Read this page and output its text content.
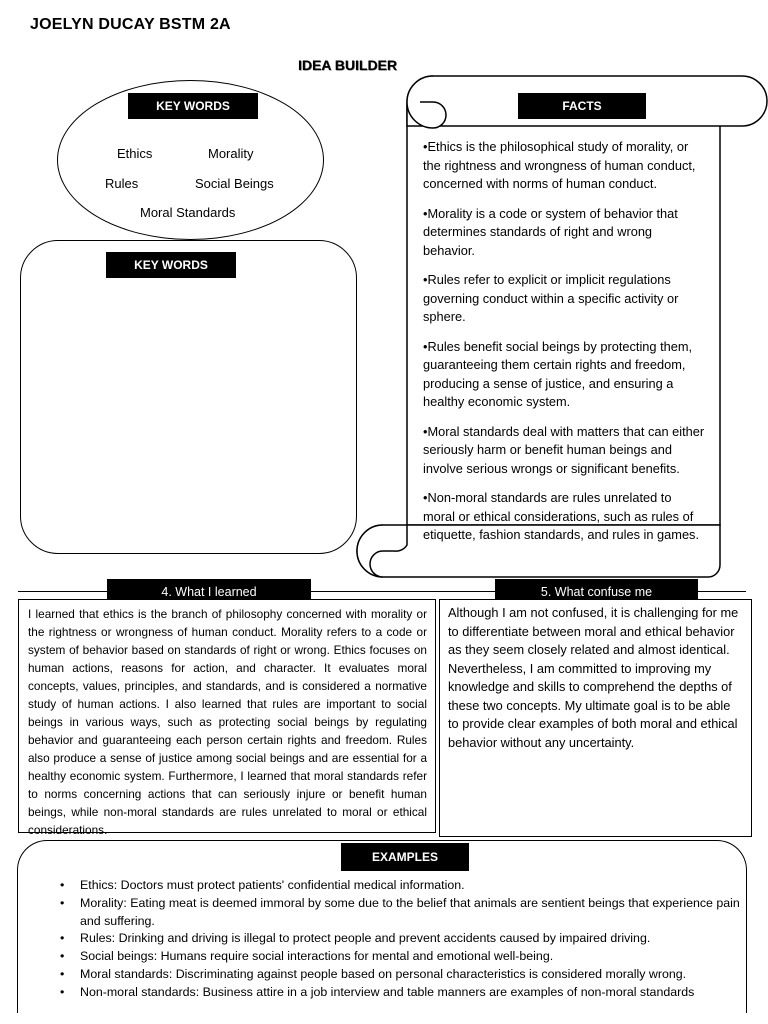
JOELYN DUCAY BSTM 2A
IDEA BUILDER
KEY WORDS
Ethics	Morality
Rules	Social Beings
Moral Standards
KEY WORDS
FACTS

•Ethics is the philosophical study of morality, or the rightness and wrongness of human conduct, concerned with norms of human conduct.

•Morality is a code or system of behavior that determines standards of right and wrong behavior.

•Rules refer to explicit or implicit regulations governing conduct within a specific activity or sphere.

•Rules benefit social beings by protecting them, guaranteeing them certain rights and freedom, producing a sense of justice, and ensuring a healthy economic system.

•Moral standards deal with matters that can either seriously harm or benefit human beings and involve serious wrongs or significant benefits.

•Non-moral standards are rules unrelated to moral or ethical considerations, such as rules of etiquette, fashion standards, and rules in games.

4. What I learned
I learned that ethics is the branch of philosophy concerned with morality or the rightness or wrongness of human conduct. Morality refers to a code or system of behavior based on standards of right or wrong. Ethics focuses on human actions, reasons for action, and character. It evaluates moral concepts, values, principles, and standards, and is considered a normative study of human actions. I also learned that rules are important to social beings in various ways, such as protecting social beings by regulating behavior and guaranteeing each person certain rights and freedom. Rules also produce a sense of justice among social beings and are essential for a healthy economic system. Furthermore, I learned that moral standards refer to norms concerning actions that can seriously injure or benefit human beings, while non-moral standards are rules unrelated to moral or ethical considerations.
5. What confuse me
Although I am not confused, it is challenging for me to differentiate between moral and ethical behavior as they seem closely related and almost identical. Nevertheless, I am committed to improving my knowledge and skills to comprehend the depths of these two concepts. My ultimate goal is to be able to provide clear examples of both moral and ethical behavior without any uncertainty.
EXAMPLES
• Ethics: Doctors must protect patients' confidential medical information.
• Morality: Eating meat is deemed immoral by some due to the belief that animals are sentient beings that experience pain and suffering.
• Rules: Drinking and driving is illegal to protect people and prevent accidents caused by impaired driving.
• Social beings: Humans require social interactions for mental and emotional well-being.
• Moral standards: Discriminating against people based on personal characteristics is considered morally wrong.
• Non-moral standards: Business attire in a job interview and table manners are examples of non-moral standards
